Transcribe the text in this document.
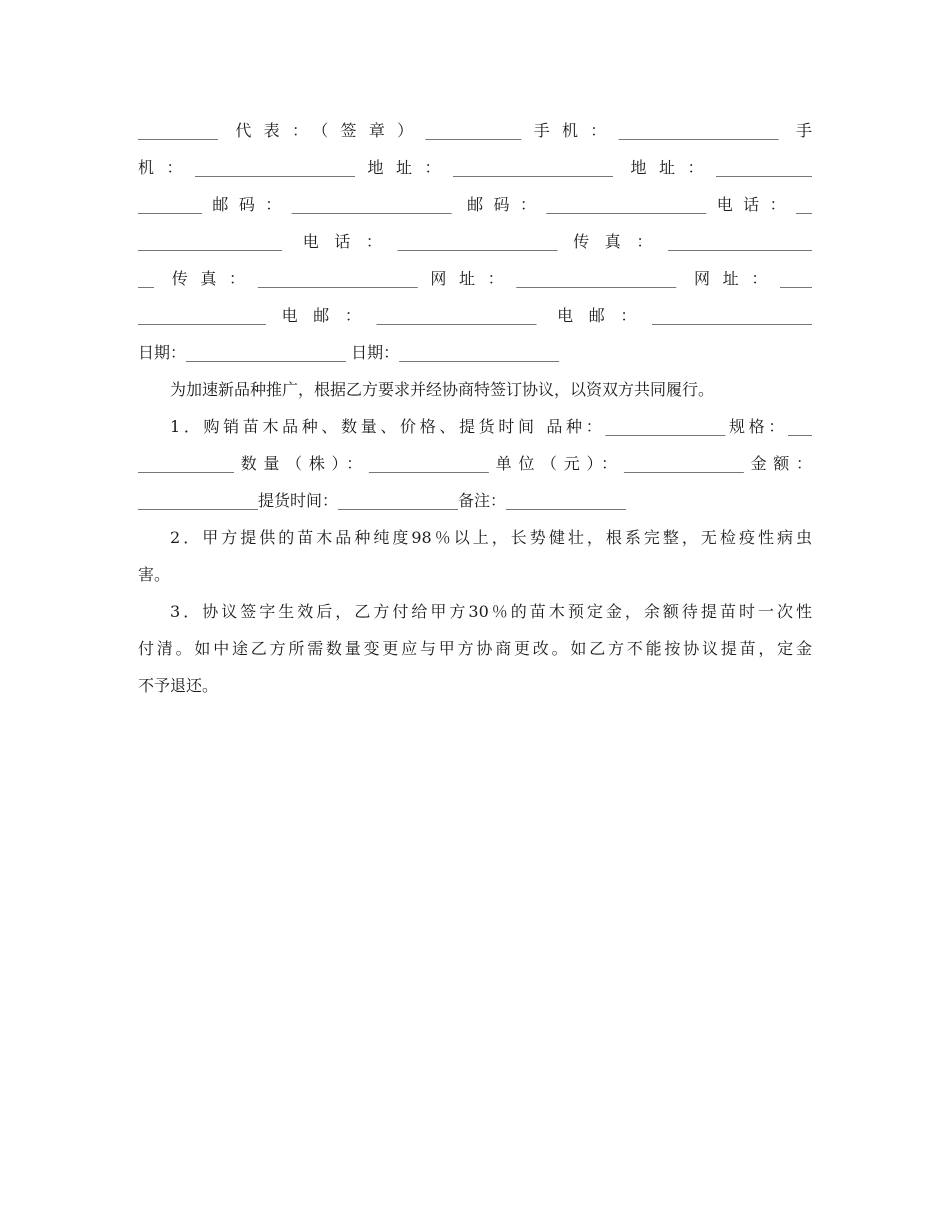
__________ 代表：（签章）____________手机：____________________ 手
机：____________________地址：____________________ 地址：____________
________邮码：____________________ 邮码：____________________电话：__
__________________ 电话：____________________传真：__________________
__ 传真：____________________网址：____________________ 网址：____
________________电邮：____________________ 电邮：____________________
日期：____________________ 日期：____________________
为加速新品种推广，根据乙方要求并经协商特签订协议，以资双方共同履行。
1．购销苗木品种、数量、价格、提货时间 品种：_______________规格：___
____________数量（株）：_______________单位（元）：_______________金额：
_______________提货时间：_______________备注：_______________
2．甲方提供的苗木品种纯度98％以上，长势健壮，根系完整，无检疫性病虫
害。
3．协议签字生效后，乙方付给甲方30％的苗木预定金，余额待提苗时一次性
付清。如中途乙方所需数量变更应与甲方协商更改。如乙方不能按协议提苗，定金
不予退还。
